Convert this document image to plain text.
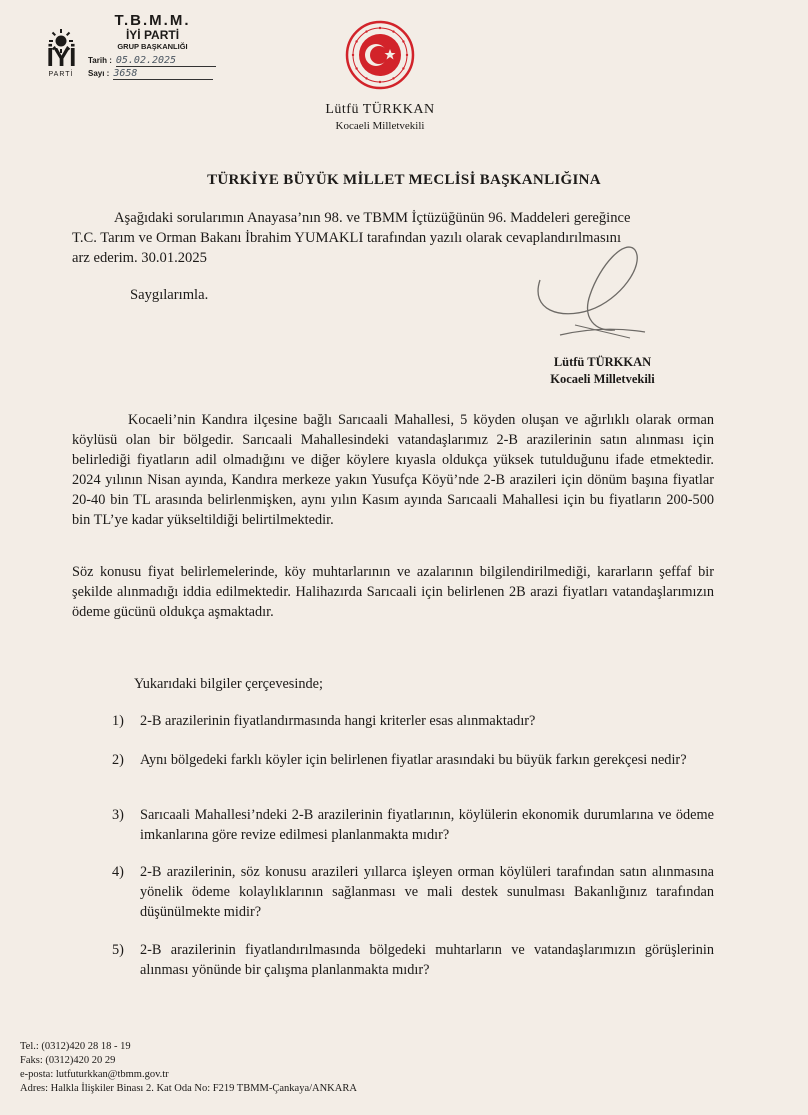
İYİ
PARTİ
T.B.M.M.
İYİ PARTİ
GRUP BAŞKANLIĞI
Tarih : 05.02.2025
Sayı : 3658
Lütfü TÜRKKAN
Kocaeli Milletvekili
TÜRKİYE BÜYÜK MİLLET MECLİSİ BAŞKANLIĞINA
Aşağıdaki sorularımın Anayasa’nın 98. ve TBMM İçtüzüğünün 96. Maddeleri gereğince
T.C. Tarım ve Orman Bakanı İbrahim YUMAKLI tarafından yazılı olarak cevaplandırılmasını
arz ederim. 30.01.2025
Saygılarımla.
Lütfü TÜRKKAN
Kocaeli Milletvekili

Kocaeli’nin Kandıra ilçesine bağlı Sarıcaali Mahallesi, 5 köyden oluşan ve ağırlıklı olarak orman köylüsü olan bir bölgedir. Sarıcaali Mahallesindeki vatandaşlarımız 2-B arazilerinin satın alınması için belirlediği fiyatların adil olmadığını ve diğer köylere kıyasla oldukça yüksek tutulduğunu ifade etmektedir. 2024 yılının Nisan ayında, Kandıra merkeze yakın Yusufça Köyü’nde 2-B arazileri için dönüm başına fiyatlar 20-40 bin TL arasında belirlenmişken, aynı yılın Kasım ayında Sarıcaali Mahallesi için bu fiyatların 200-500 bin TL’ye kadar yükseltildiği belirtilmektedir.

Söz konusu fiyat belirlemelerinde, köy muhtarlarının ve azalarının bilgilendirilmediği, kararların şeffaf bir şekilde alınmadığı iddia edilmektedir. Halihazırda Sarıcaali için belirlenen 2B arazi fiyatları vatandaşlarımızın ödeme gücünü oldukça aşmaktadır.

Yukarıdaki bilgiler çerçevesinde;
1) 2-B arazilerinin fiyatlandırmasında hangi kriterler esas alınmaktadır?
2) Aynı bölgedeki farklı köyler için belirlenen fiyatlar arasındaki bu büyük farkın gerekçesi nedir?
3) Sarıcaali Mahallesi’ndeki 2-B arazilerinin fiyatlarının, köylülerin ekonomik durumlarına ve ödeme imkanlarına göre revize edilmesi planlanmakta mıdır?
4) 2-B arazilerinin, söz konusu arazileri yıllarca işleyen orman köylüleri tarafından satın alınmasına yönelik ödeme kolaylıklarının sağlanması ve mali destek sunulması Bakanlığınız tarafından düşünülmekte midir?
5) 2-B arazilerinin fiyatlandırılmasında bölgedeki muhtarların ve vatandaşlarımızın görüşlerinin alınması yönünde bir çalışma planlanmakta mıdır?
Tel.: (0312)420 28 18 - 19
Faks: (0312)420 20 29
e-posta: lutfuturkkan@tbmm.gov.tr
Adres: Halkla İlişkiler Binası 2. Kat Oda No: F219 TBMM-Çankaya/ANKARA
